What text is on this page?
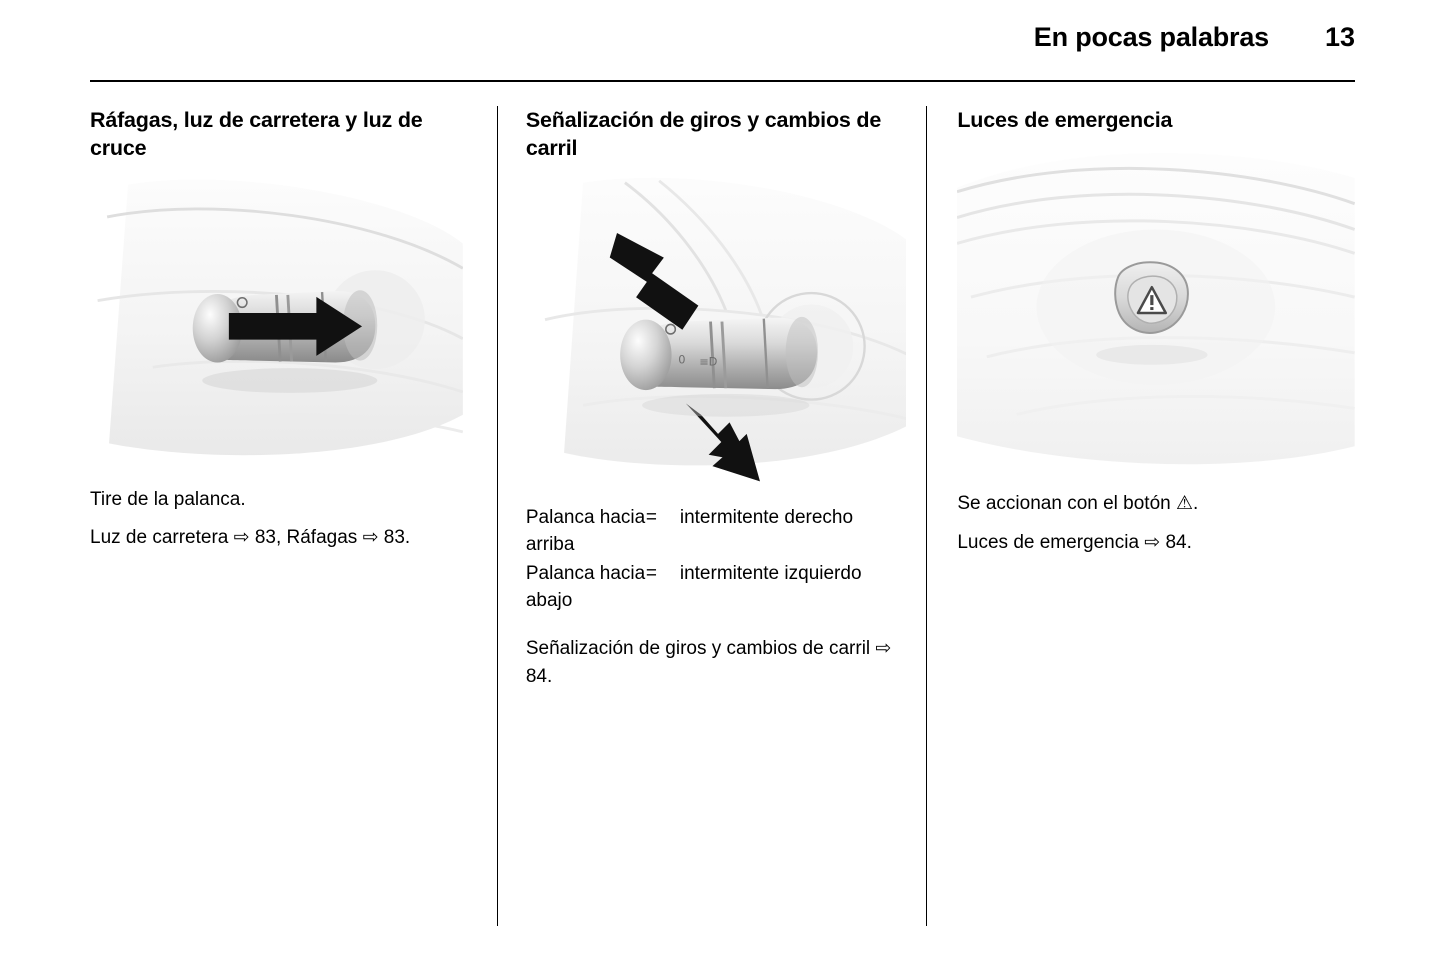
En pocas palabras	13
Ráfagas, luz de carretera y luz de cruce

Tire de la palanca.

Luz de carretera ⇨ 83, Ráfagas ⇨ 83.

Señalización de giros y cambios de carril
0 ≡D
Palanca hacia arriba	=	intermitente derecho
Palanca hacia abajo	=	intermitente izquierdo

Señalización de giros y cambios de carril ⇨ 84.

Luces de emergencia

Se accionan con el botón ⚠.

Luces de emergencia ⇨ 84.
